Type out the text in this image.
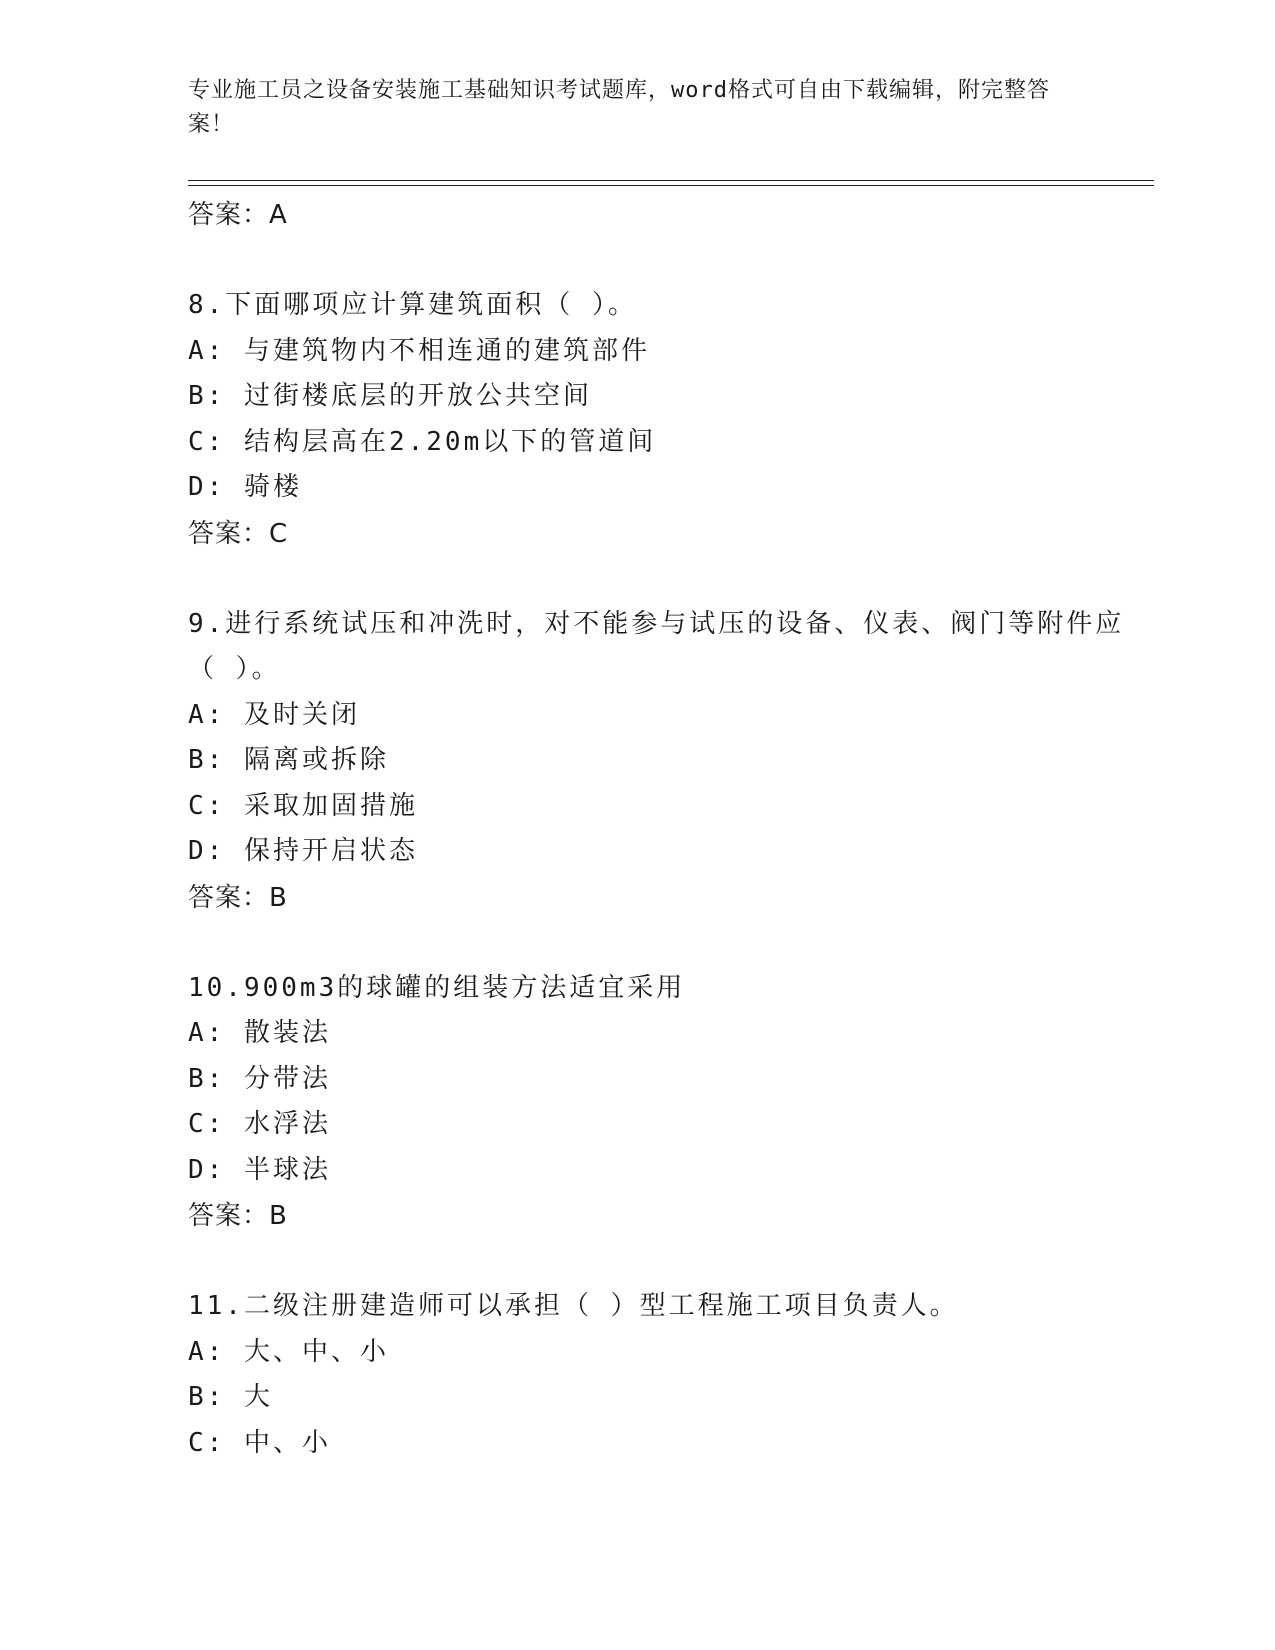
专业施工员之设备安装施工基础知识考试题库，word格式可自由下载编辑，附完整答案！
答案：A
8.下面哪项应计算建筑面积（ ）。
A: 与建筑物内不相连通的建筑部件
B: 过街楼底层的开放公共空间
C: 结构层高在2.20m以下的管道间
D: 骑楼
答案：C
9.进行系统试压和冲洗时，对不能参与试压的设备、仪表、阀门等附件应（ ）。
A: 及时关闭
B: 隔离或拆除
C: 采取加固措施
D: 保持开启状态
答案：B
10.900m3的球罐的组装方法适宜采用
A: 散装法
B: 分带法
C: 水浮法
D: 半球法
答案：B
11.二级注册建造师可以承担（ ）型工程施工项目负责人。
A: 大、中、小
B: 大
C: 中、小
